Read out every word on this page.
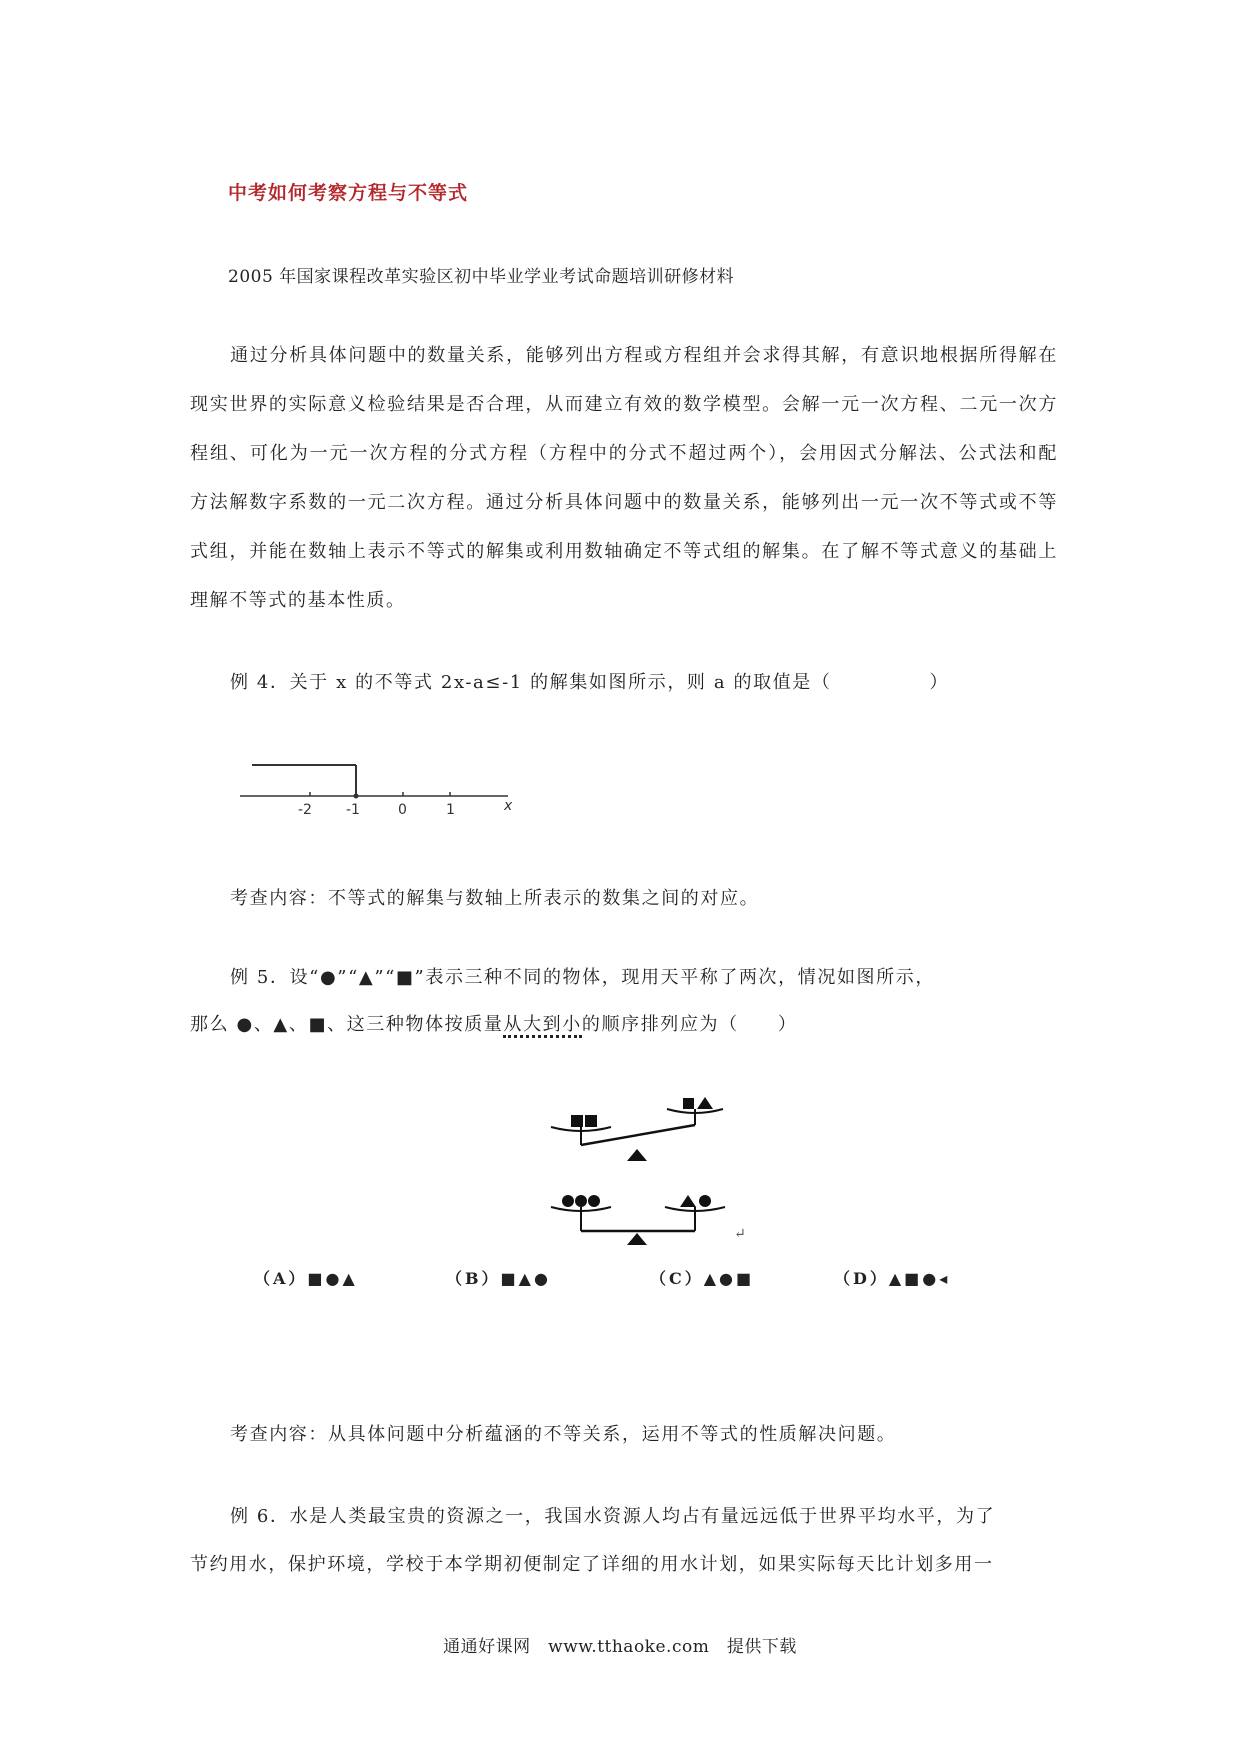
中考如何考察方程与不等式
2005 年国家课程改革实验区初中毕业学业考试命题培训研修材料
通过分析具体问题中的数量关系，能够列出方程或方程组并会求得其解，有意识地根据所得解在现实世界的实际意义检验结果是否合理，从而建立有效的数学模型。会解一元一次方程、二元一次方程组、可化为一元一次方程的分式方程（方程中的分式不超过两个），会用因式分解法、公式法和配方法解数字系数的一元二次方程。通过分析具体问题中的数量关系，能够列出一元一次不等式或不等式组，并能在数轴上表示不等式的解集或利用数轴确定不等式组的解集。在了解不等式意义的基础上理解不等式的基本性质。
例 4．关于 x 的不等式 2x-a≤-1 的解集如图所示，则 a 的取值是（　　　　　）
-2 -1	0	1	x
考查内容：不等式的解集与数轴上所表示的数集之间的对应。
例 5．设“●”“▲”“■”表示三种不同的物体，现用天平称了两次，情况如图所示，
那么 ●、▲、■、这三种物体按质量从大到小的顺序排列应为（　　）
↵
（A）■●▲	（B）■▲●	（C）▲●■	（D）▲■●◂
考查内容：从具体问题中分析蕴涵的不等关系，运用不等式的性质解决问题。
例 6．水是人类最宝贵的资源之一，我国水资源人均占有量远远低于世界平均水平，为了
节约用水，保护环境，学校于本学期初便制定了详细的用水计划，如果实际每天比计划多用一
通通好课网　www.tthaoke.com　提供下载
